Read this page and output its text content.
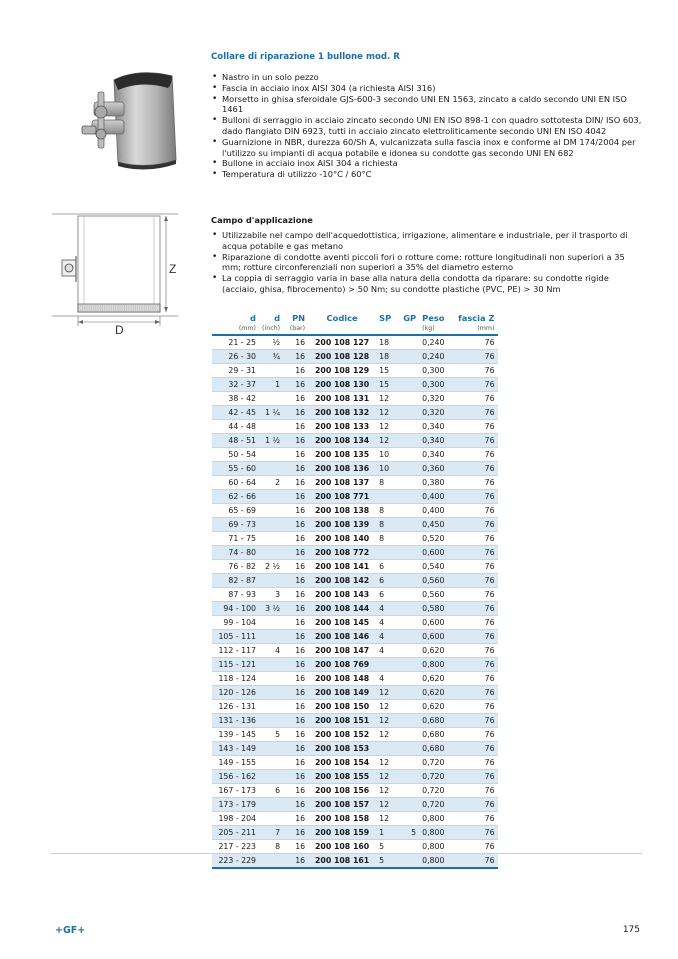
Collare di riparazione 1 bullone mod. R
• Nastro in un solo pezzo
• Fascia in acciaio inox AISI 304 (a richiesta AISI 316)
• Morsetto in ghisa sferoidale GJS-600-3 secondo UNI EN 1563, zincato a caldo secondo UNI EN ISO 1461
• Bulloni di serraggio in acciaio zincato secondo UNI EN ISO 898-1 con quadro sottotesta DIN/ ISO 603, dado flangiato DIN 6923, tutti in acciaio zincato elettroliticamente secondo UNI EN ISO 4042
• Guarnizione in NBR, durezza 60/Sh A, vulcanizzata sulla fascia inox e conforme al DM 174/2004 per l'utilizzo su impianti di acqua potabile e idonea su condotte gas secondo UNI EN 682
• Bullone in acciaio inox AISI 304 a richiesta
• Temperatura di utilizzo -10°C / 60°C
Campo d'applicazione
• Utilizzabile nel campo dell'acquedottistica, irrigazione, alimentare e industriale, per il trasporto di acqua potabile e gas metano
• Riparazione di condotte aventi piccoli fori o rotture come: rotture longitudinali non superiori a 35 mm; rotture circonferenziali non superiori a 35% del diametro esterno
• La coppia di serraggio varia in base alla natura della condotta da riparare: su condotte rigide (acciaio, ghisa, fibrocemento) > 50 Nm; su condotte plastiche (PVC, PE) > 30 Nm
Z
D
d	d	PN	Codice	SP	GP	Peso	fascia Z
(mm)	(inch)	(bar)				(kg)	(mm)
21 - 25	½	16	200 108 127	18		0,240	76
26 - 30	¾	16	200 108 128	18		0,240	76
29 - 31		16	200 108 129	15		0,300	76
32 - 37	1	16	200 108 130	15		0,300	76
38 - 42		16	200 108 131	12		0,320	76
42 - 45	1 ¼	16	200 108 132	12		0,320	76
44 - 48		16	200 108 133	12		0,340	76
48 - 51	1 ½	16	200 108 134	12		0,340	76
50 - 54		16	200 108 135	10		0,340	76
55 - 60		16	200 108 136	10		0,360	76
60 - 64	2	16	200 108 137	8		0,380	76
62 - 66		16	200 108 771			0,400	76
65 - 69		16	200 108 138	8		0,400	76
69 - 73		16	200 108 139	8		0,450	76
71 - 75		16	200 108 140	8		0,520	76
74 - 80		16	200 108 772			0,600	76
76 - 82	2 ½	16	200 108 141	6		0,540	76
82 - 87		16	200 108 142	6		0,560	76
87 - 93	3	16	200 108 143	6		0,560	76
94 - 100	3 ½	16	200 108 144	4		0,580	76
99 - 104		16	200 108 145	4		0,600	76
105 - 111		16	200 108 146	4		0,600	76
112 - 117	4	16	200 108 147	4		0,620	76
115 - 121		16	200 108 769			0,800	76
118 - 124		16	200 108 148	4		0,620	76
120 - 126		16	200 108 149	12		0,620	76
126 - 131		16	200 108 150	12		0,620	76
131 - 136		16	200 108 151	12		0,680	76
139 - 145	5	16	200 108 152	12		0,680	76
143 - 149		16	200 108 153			0,680	76
149 - 155		16	200 108 154	12		0,720	76
156 - 162		16	200 108 155	12		0,720	76
167 - 173	6	16	200 108 156	12		0,720	76
173 - 179		16	200 108 157	12		0,720	76
198 - 204		16	200 108 158	12		0,800	76
205 - 211	7	16	200 108 159	1	5	0,800	76
217 - 223	8	16	200 108 160	5		0,800	76
223 - 229		16	200 108 161	5		0,800	76
+GF+	175
